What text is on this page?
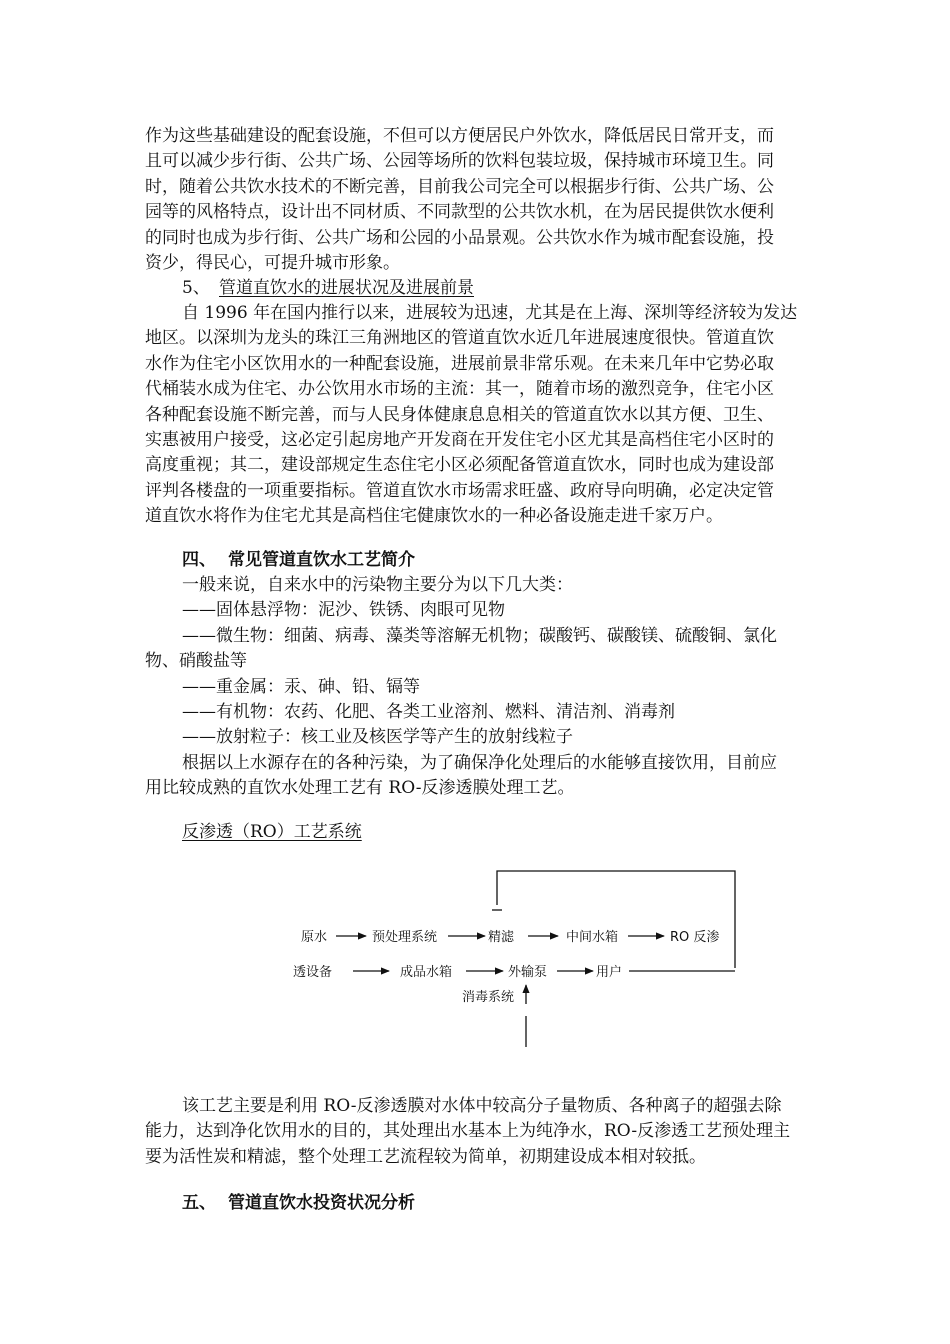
作为这些基础建设的配套设施，不但可以方便居民户外饮水，降低居民日常开支，而

且可以减少步行街、公共广场、公园等场所的饮料包装垃圾，保持城市环境卫生。同

时，随着公共饮水技术的不断完善，目前我公司完全可以根据步行街、公共广场、公

园等的风格特点，设计出不同材质、不同款型的公共饮水机，在为居民提供饮水便利

的同时也成为步行街、公共广场和公园的小品景观。公共饮水作为城市配套设施，投

资少，得民心，可提升城市形象。

5、 管道直饮水的进展状况及进展前景

自 1996 年在国内推行以来，进展较为迅速，尤其是在上海、深圳等经济较为发达

地区。以深圳为龙头的珠江三角洲地区的管道直饮水近几年进展速度很快。管道直饮

水作为住宅小区饮用水的一种配套设施，进展前景非常乐观。在未来几年中它势必取

代桶装水成为住宅、办公饮用水市场的主流：其一，随着市场的激烈竞争，住宅小区

各种配套设施不断完善，而与人民身体健康息息相关的管道直饮水以其方便、卫生、

实惠被用户接受，这必定引起房地产开发商在开发住宅小区尤其是高档住宅小区时的

高度重视；其二，建设部规定生态住宅小区必须配备管道直饮水，同时也成为建设部

评判各楼盘的一项重要指标。管道直饮水市场需求旺盛、政府导向明确，必定决定管

道直饮水将作为住宅尤其是高档住宅健康饮水的一种必备设施走进千家万户。

四、 常见管道直饮水工艺简介

一般来说，自来水中的污染物主要分为以下几大类：

——固体悬浮物：泥沙、铁锈、肉眼可见物

——微生物：细菌、病毒、藻类等溶解无机物；碳酸钙、碳酸镁、硫酸铜、氯化

物、硝酸盐等

——重金属：汞、砷、铅、镉等

——有机物：农药、化肥、各类工业溶剂、燃料、清洁剂、消毒剂

——放射粒子：核工业及核医学等产生的放射线粒子

根据以上水源存在的各种污染，为了确保净化处理后的水能够直接饮用，目前应

用比较成熟的直饮水处理工艺有 RO-反渗透膜处理工艺。

反渗透（RO）工艺系统

原水	预处理系统	精滤	中间水箱	RO 反渗
透设备	成品水箱	外输泵	用户
消毒系统

该工艺主要是利用 RO-反渗透膜对水体中较高分子量物质、各种离子的超强去除

能力，达到净化饮用水的目的，其处理出水基本上为纯净水，RO-反渗透工艺预处理主

要为活性炭和精滤，整个处理工艺流程较为简单，初期建设成本相对较抵。

五、 管道直饮水投资状况分析
